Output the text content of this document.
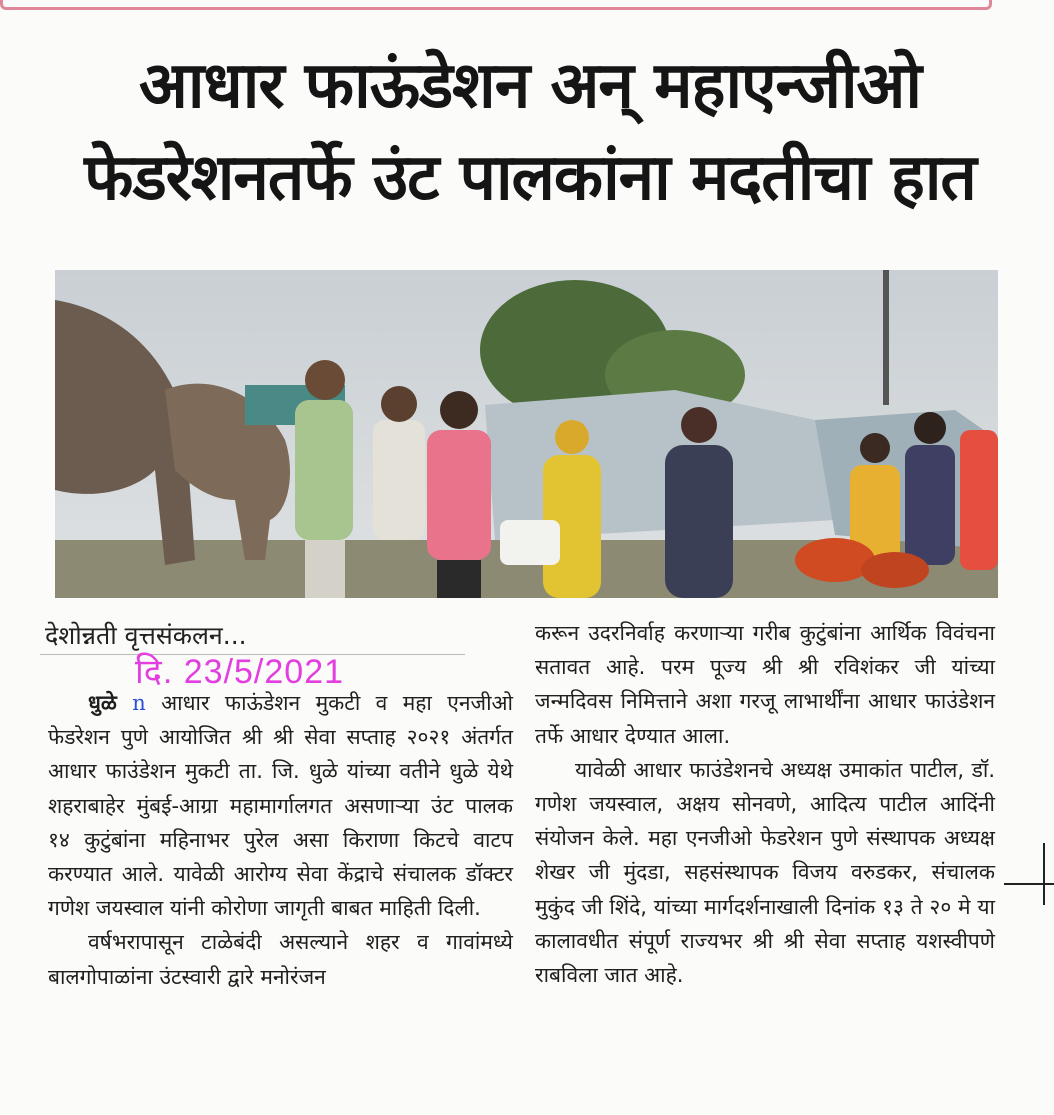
आधार फाऊंडेशन अन् महाएन्जीओ
फेडरेशनतर्फे उंट पालकांना मदतीचा हात
देशोन्नती वृत्तसंकलन...
दि. 23/5/2021

धुळे n आधार फाऊंडेशन मुकटी व महा एनजीओ फेडरेशन पुणे आयोजित श्री श्री सेवा सप्ताह २०२१ अंतर्गत आधार फाउंडेशन मुकटी ता. जि. धुळे यांच्या वतीने धुळे येथे शहराबाहेर मुंबई-आग्रा महामार्गालगत असणाऱ्या उंट पालक १४ कुटुंबांना महिनाभर पुरेल असा किराणा किटचे वाटप करण्यात आले. यावेळी आरोग्य सेवा केंद्राचे संचालक डॉक्टर गणेश जयस्वाल यांनी कोरोणा जागृती बाबत माहिती दिली.

वर्षभरापासून टाळेबंदी असल्याने शहर व गावांमध्ये बालगोपाळांना उंटस्वारी द्वारे मनोरंजन

करून उदरनिर्वाह करणाऱ्या गरीब कुटुंबांना आर्थिक विवंचना सतावत आहे. परम पूज्य श्री श्री रविशंकर जी यांच्या जन्मदिवस निमित्ताने अशा गरजू लाभार्थींना आधार फाउंडेशन तर्फे आधार देण्यात आला.

यावेळी आधार फाउंडेशनचे अध्यक्ष उमाकांत पाटील, डॉ. गणेश जयस्वाल, अक्षय सोनवणे, आदित्य पाटील आदिंनी संयोजन केले. महा एनजीओ फेडरेशन पुणे संस्थापक अध्यक्ष शेखर जी मुंदडा, सहसंस्थापक विजय वरुडकर, संचालक मुकुंद जी शिंदे, यांच्या मार्गदर्शनाखाली दिनांक १३ ते २० मे या कालावधीत संपूर्ण राज्यभर श्री श्री सेवा सप्ताह यशस्वीपणे राबविला जात आहे.
